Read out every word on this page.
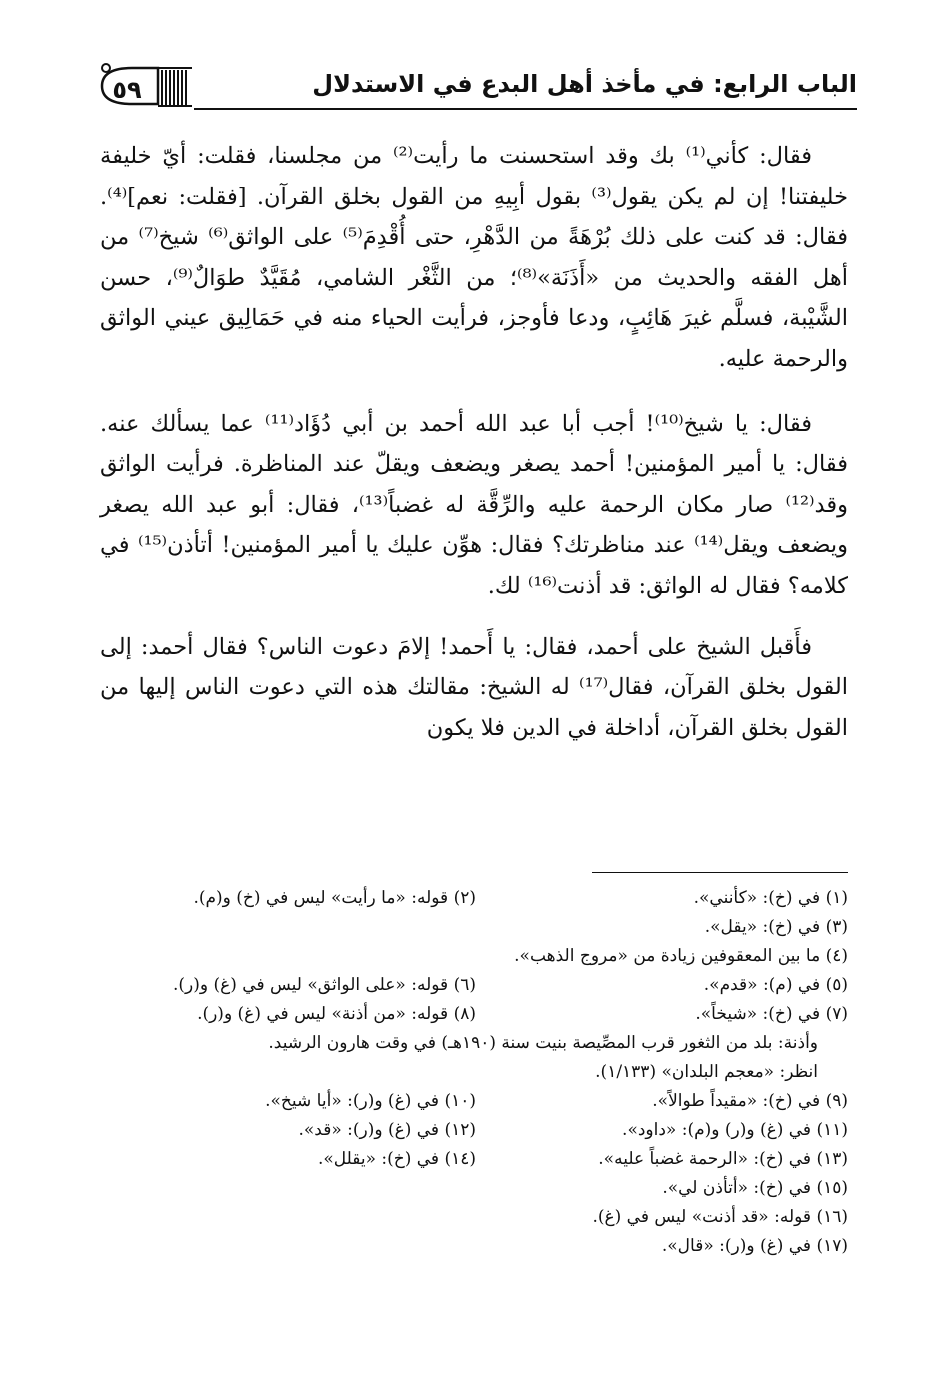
الباب الرابع: في مأخذ أهل البدع في الاستدلال
٥٩

فقال: كأني⁽¹⁾ بك وقد استحسنت ما رأيت⁽²⁾ من مجلسنا، فقلت: أيّ خليفة خليفتنا! إن لم يكن يقول⁽³⁾ بقول أبِيهِ من القول بخلق القرآن. [فقلت: نعم]⁽⁴⁾. فقال: قد كنت على ذلك بُرْهَةً من الدَّهْرِ، حتى أُقْدِمَ⁽⁵⁾ على الواثق⁽⁶⁾ شيخ⁽⁷⁾ من أهل الفقه والحديث من «أَذَنَة»⁽⁸⁾؛ من الثَّغْر الشامي، مُقَيَّدٌ طوَالٌ⁽⁹⁾، حسن الشَّيْبة، فسلَّم غيرَ هَائِبٍ، ودعا فأوجز، فرأيت الحياء منه في حَمَالِيق عيني الواثق والرحمة عليه.

فقال: يا شيخ⁽¹⁰⁾! أجب أبا عبد الله أحمد بن أبي دُؤَاد⁽¹¹⁾ عما يسألك عنه. فقال: يا أمير المؤمنين! أحمد يصغر ويضعف ويقلّ عند المناظرة. فرأيت الواثق وقد⁽¹²⁾ صار مكان الرحمة عليه والرِّقَّة له غضباً⁽¹³⁾، فقال: أبو عبد الله يصغر ويضعف ويقل⁽¹⁴⁾ عند مناظرتك؟ فقال: هوِّن عليك يا أمير المؤمنين! أتأذن⁽¹⁵⁾ في كلامه؟ فقال له الواثق: قد أذنت⁽¹⁶⁾ لك.

فأَقبل الشيخ على أحمد، فقال: يا أَحمد! إلامَ دعوت الناس؟ فقال أحمد: إلى القول بخلق القرآن، فقال⁽¹⁷⁾ له الشيخ: مقالتك هذه التي دعوت الناس إليها من القول بخلق القرآن، أداخلة في الدين فلا يكون

(١) في (خ): «كأنني».
(٢) قوله: «ما رأيت» ليس في (خ) و(م).
(٣) في (خ): «يقل».
(٤) ما بين المعقوفين زيادة من «مروج الذهب».
(٥) في (م): «قدم».
(٦) قوله: «على الواثق» ليس في (غ) و(ر).
(٧) في (خ): «شيخاً».
(٨) قوله: «من أذنة» ليس في (غ) و(ر).
وأذنة: بلد من الثغور قرب المصِّيصة بنيت سنة (١٩٠هـ) في وقت هارون الرشيد.
انظر: «معجم البلدان» (١/١٣٣).
(٩) في (خ): «مقيداً طوالاً».
(١٠) في (غ) و(ر): «أيا شيخ».
(١١) في (غ) و(ر) و(م): «داود».
(١٢) في (غ) و(ر): «قد».
(١٣) في (خ): «الرحمة غضباً عليه».
(١٤) في (خ): «يقلل».
(١٥) في (خ): «أتأذن لي».
(١٦) قوله: «قد أذنت» ليس في (غ).
(١٧) في (غ) و(ر): «قال».
